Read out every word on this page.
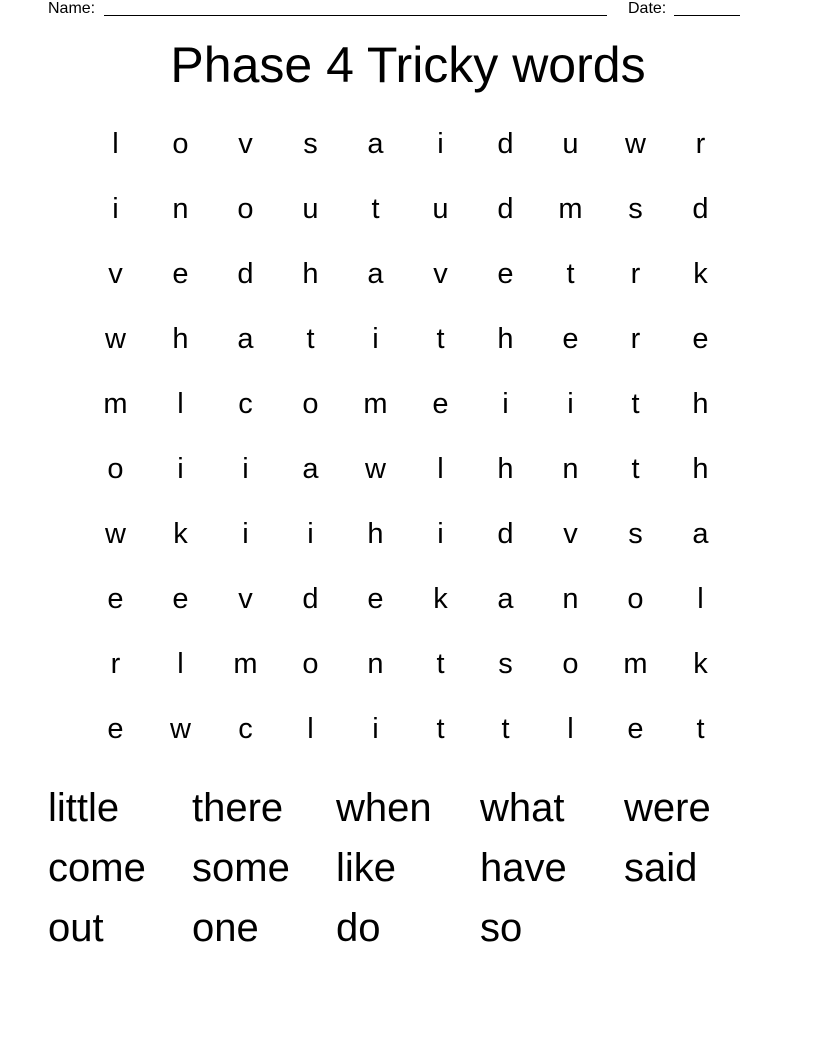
Name:	Date:
Phase 4 Tricky words
l	o	v	s	a	i	d	u	w	r
i	n	o	u	t	u	d	m	s	d
v	e	d	h	a	v	e	t	r	k
w	h	a	t	i	t	h	e	r	e
m	l	c	o	m	e	i	i	t	h
o	i	i	a	w	l	h	n	t	h
w	k	i	i	h	i	d	v	s	a
e	e	v	d	e	k	a	n	o	l
r	l	m	o	n	t	s	o	m	k
e	w	c	l	i	t	t	l	e	t
little	there	when	what	were
come	some	like	have	said
out	one	do	so
